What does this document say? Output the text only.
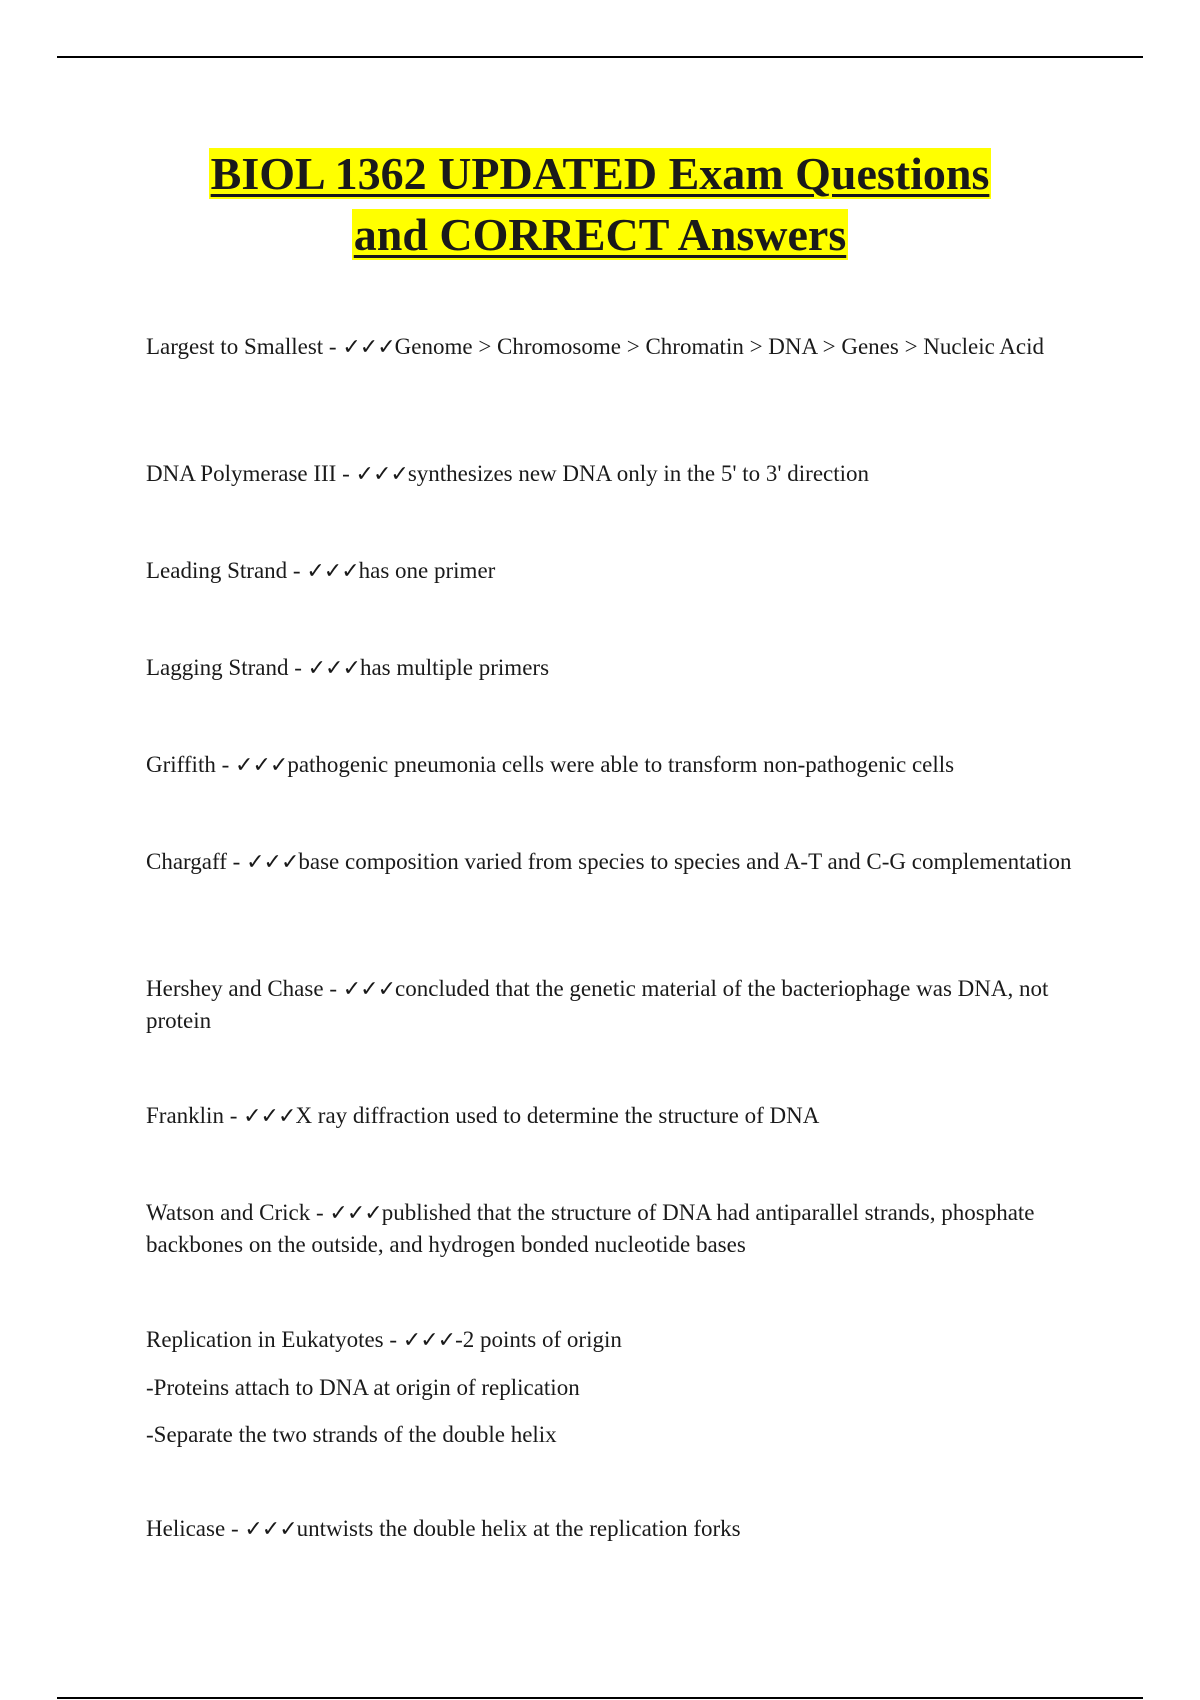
BIOL 1362 UPDATED Exam Questions
and CORRECT Answers
Largest to Smallest - ✓✓✓Genome > Chromosome > Chromatin > DNA > Genes > Nucleic Acid
DNA Polymerase III - ✓✓✓synthesizes new DNA only in the 5' to 3' direction
Leading Strand - ✓✓✓has one primer
Lagging Strand - ✓✓✓has multiple primers
Griffith - ✓✓✓pathogenic pneumonia cells were able to transform non-pathogenic cells
Chargaff - ✓✓✓base composition varied from species to species and A-T and C-G complementation
Hershey and Chase - ✓✓✓concluded that the genetic material of the bacteriophage was DNA, not protein
Franklin - ✓✓✓X ray diffraction used to determine the structure of DNA
Watson and Crick - ✓✓✓published that the structure of DNA had antiparallel strands, phosphate backbones on the outside, and hydrogen bonded nucleotide bases
Replication in Eukatyotes - ✓✓✓-2 points of origin
-Proteins attach to DNA at origin of replication
-Separate the two strands of the double helix
Helicase - ✓✓✓untwists the double helix at the replication forks
